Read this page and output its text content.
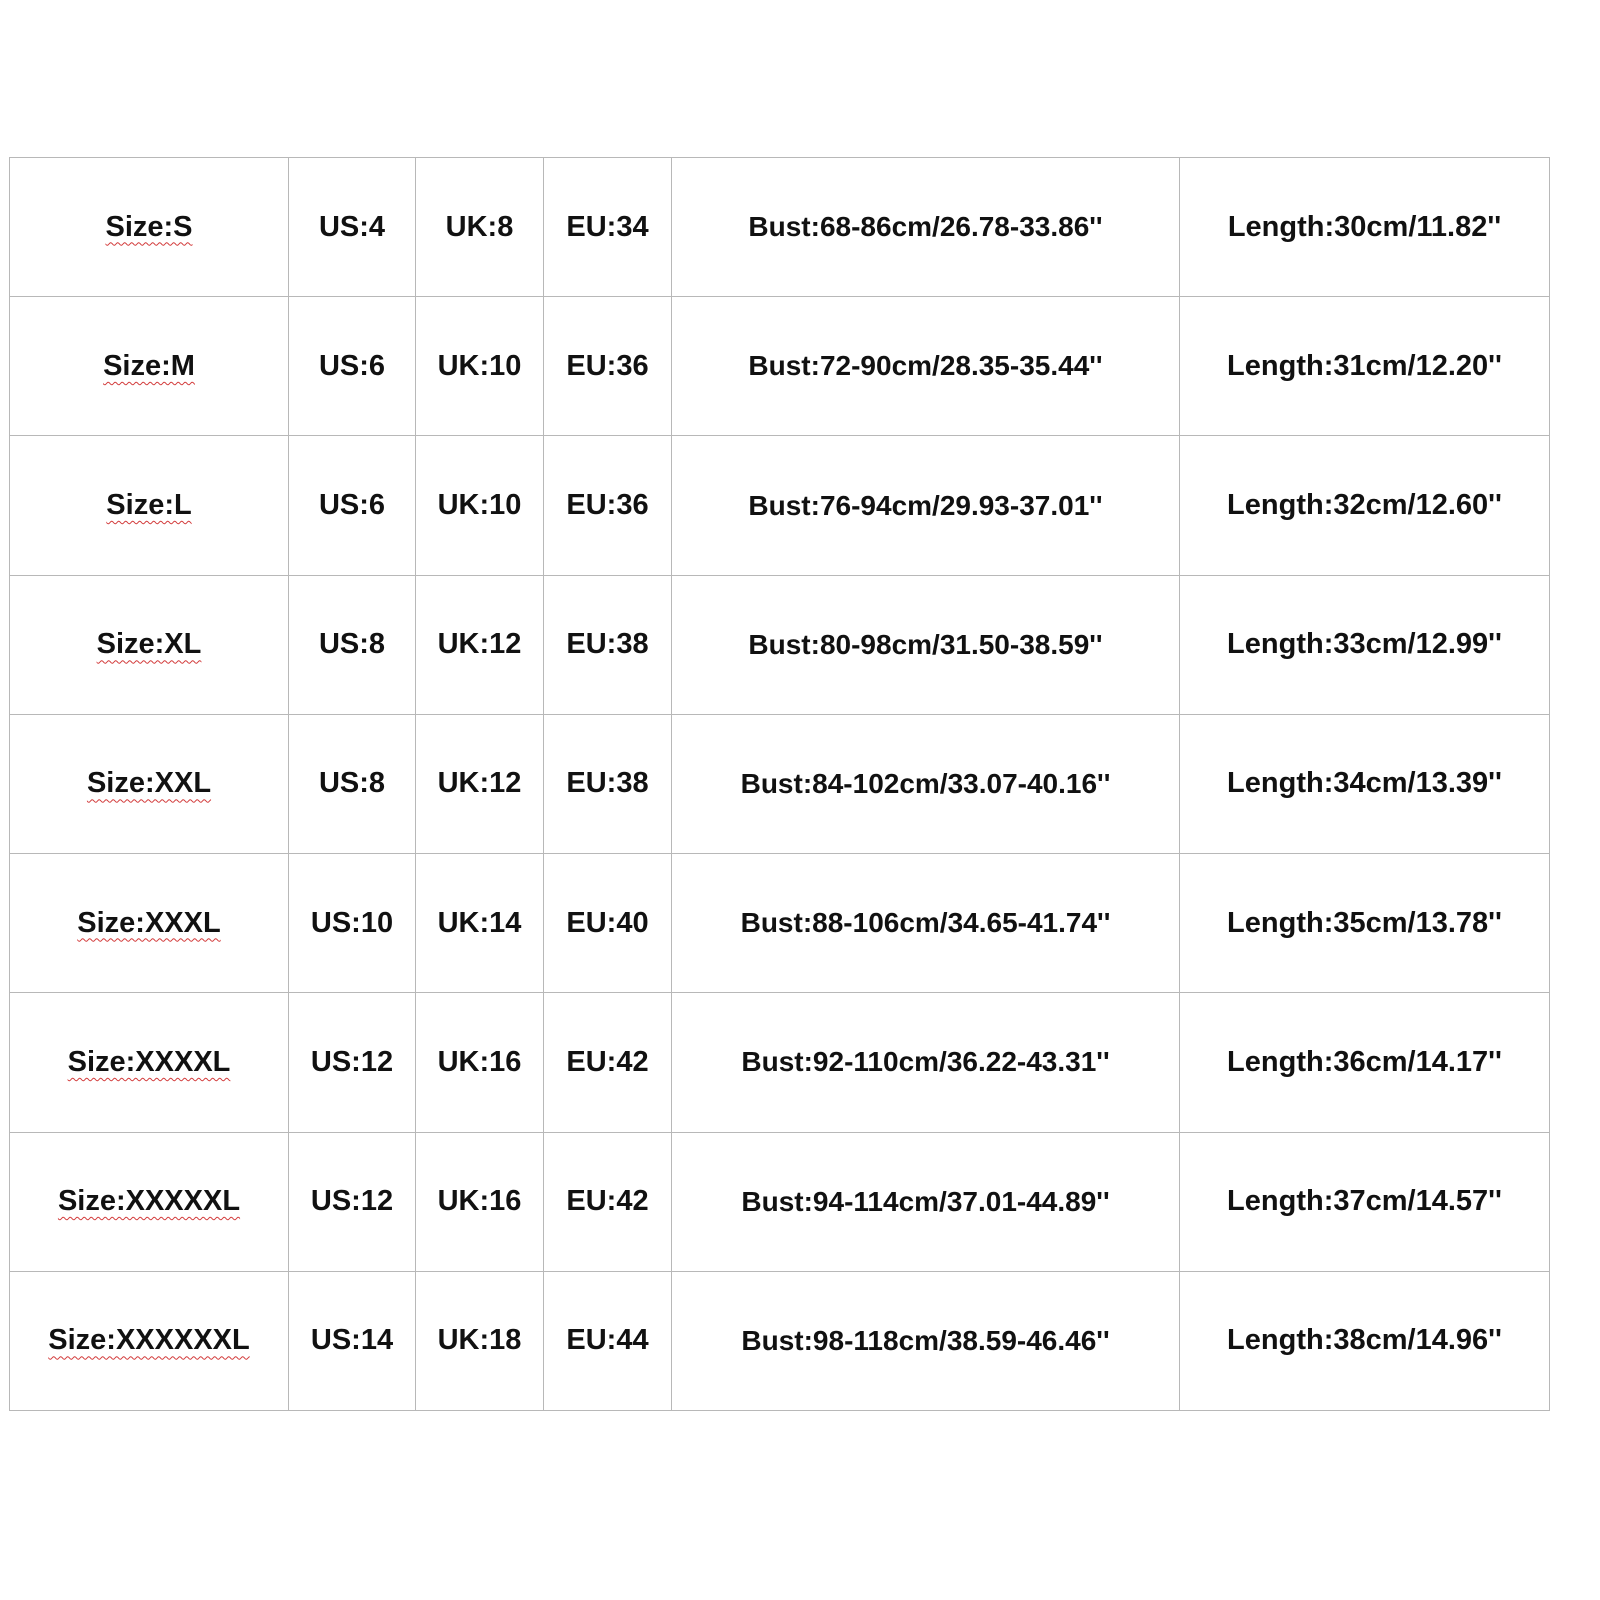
Size:S	US:4	UK:8	EU:34	Bust:68-86cm/26.78-33.86''	Length:30cm/11.82''
Size:M	US:6	UK:10	EU:36	Bust:72-90cm/28.35-35.44''	Length:31cm/12.20''
Size:L	US:6	UK:10	EU:36	Bust:76-94cm/29.93-37.01''	Length:32cm/12.60''
Size:XL	US:8	UK:12	EU:38	Bust:80-98cm/31.50-38.59''	Length:33cm/12.99''
Size:XXL	US:8	UK:12	EU:38	Bust:84-102cm/33.07-40.16''	Length:34cm/13.39''
Size:XXXL	US:10	UK:14	EU:40	Bust:88-106cm/34.65-41.74''	Length:35cm/13.78''
Size:XXXXL	US:12	UK:16	EU:42	Bust:92-110cm/36.22-43.31''	Length:36cm/14.17''
Size:XXXXXL	US:12	UK:16	EU:42	Bust:94-114cm/37.01-44.89''	Length:37cm/14.57''
Size:XXXXXXL	US:14	UK:18	EU:44	Bust:98-118cm/38.59-46.46''	Length:38cm/14.96''
